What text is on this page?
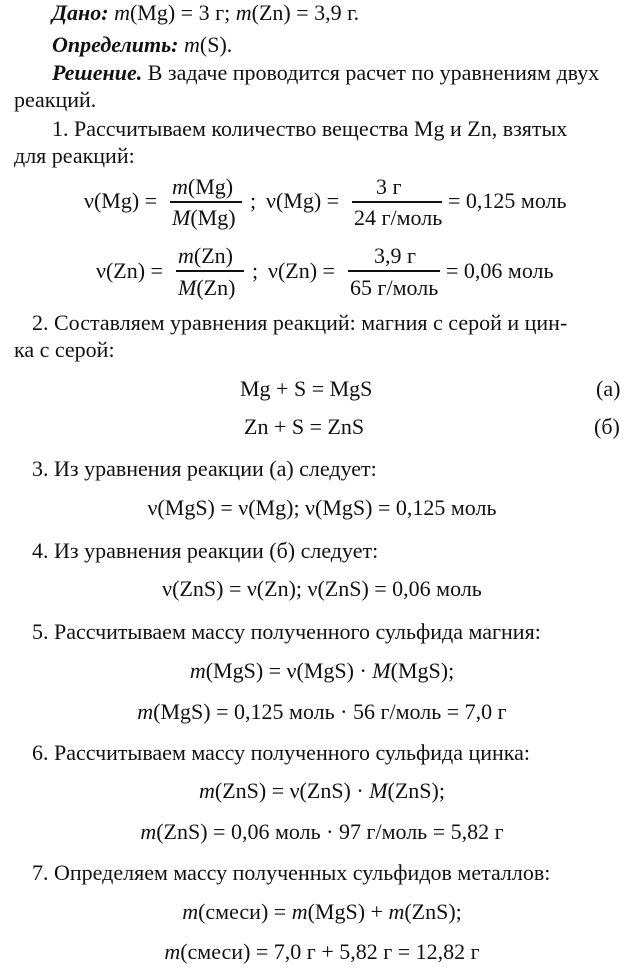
Дано: m(Mg) = 3 г; m(Zn) = 3,9 г.
Определить: m(S).
Решение. В задаче проводится расчет по уравнениям двух
реакций.
1. Рассчитываем количество вещества Mg и Zn, взятых
для реакций:
ν(Mg) =
m(Mg)
M(Mg)
; ν(Mg) =
3 г
24 г/моль
= 0,125 моль
ν(Zn) =
m(Zn)
M(Zn)
; ν(Zn) =
3,9 г
65 г/моль
= 0,06 моль
2. Составляем уравнения реакций: магния с серой и цин-
ка с серой:
Mg + S = MgS	(а)
Zn + S = ZnS	(б)
3. Из уравнения реакции (а) следует:
ν(MgS) = ν(Mg); ν(MgS) = 0,125 моль
4. Из уравнения реакции (б) следует:
ν(ZnS) = ν(Zn); ν(ZnS) = 0,06 моль
5. Рассчитываем массу полученного сульфида магния:
m(MgS) = ν(MgS) · M(MgS);
m(MgS) = 0,125 моль · 56 г/моль = 7,0 г
6. Рассчитываем массу полученного сульфида цинка:
m(ZnS) = ν(ZnS) · M(ZnS);
m(ZnS) = 0,06 моль · 97 г/моль = 5,82 г
7. Определяем массу полученных сульфидов металлов:
m(смеси) = m(MgS) + m(ZnS);
m(смеси) = 7,0 г + 5,82 г = 12,82 г
